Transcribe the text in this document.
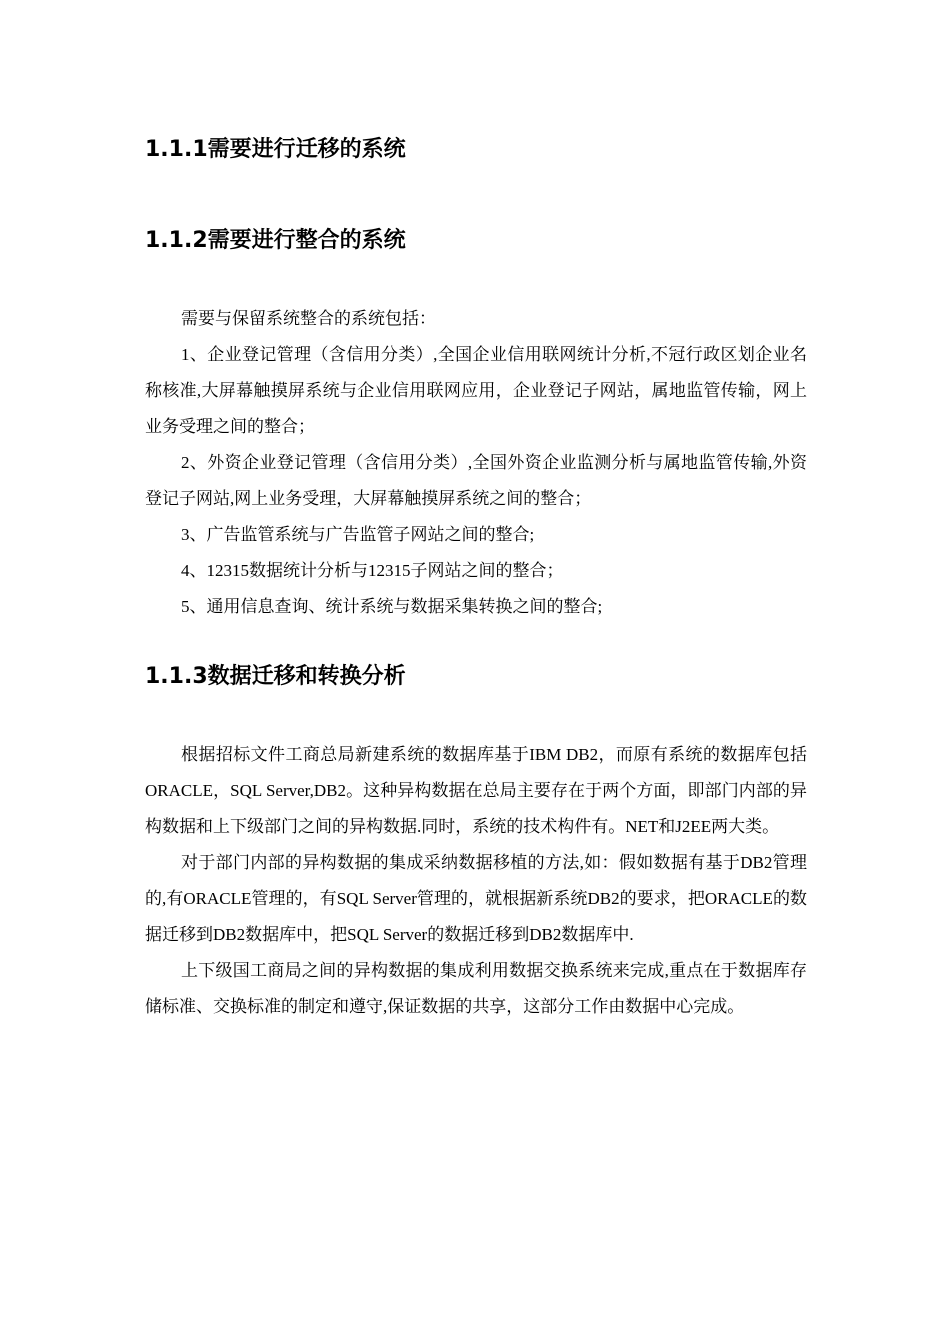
1.1.1需要进行迁移的系统
1.1.2需要进行整合的系统

需要与保留系统整合的系统包括：

1、企业登记管理（含信用分类）,全国企业信用联网统计分析,不冠行政区划企业名称核准,大屏幕触摸屏系统与企业信用联网应用，企业登记子网站，属地监管传输，网上业务受理之间的整合；

2、外资企业登记管理（含信用分类）,全国外资企业监测分析与属地监管传输,外资登记子网站,网上业务受理，大屏幕触摸屏系统之间的整合；

3、广告监管系统与广告监管子网站之间的整合;

4、12315数据统计分析与12315子网站之间的整合；

5、通用信息查询、统计系统与数据采集转换之间的整合;

1.1.3数据迁移和转换分析

根据招标文件工商总局新建系统的数据库基于IBM DB2，而原有系统的数据库包括ORACLE，SQL Server,DB2。这种异构数据在总局主要存在于两个方面，即部门内部的异构数据和上下级部门之间的异构数据.同时，系统的技术构件有。NET和J2EE两大类。

对于部门内部的异构数据的集成采纳数据移植的方法,如：假如数据有基于DB2管理的,有ORACLE管理的，有SQL Server管理的，就根据新系统DB2的要求，把ORACLE的数据迁移到DB2数据库中，把SQL Server的数据迁移到DB2数据库中.

上下级国工商局之间的异构数据的集成利用数据交换系统来完成,重点在于数据库存储标准、交换标准的制定和遵守,保证数据的共享，这部分工作由数据中心完成。
